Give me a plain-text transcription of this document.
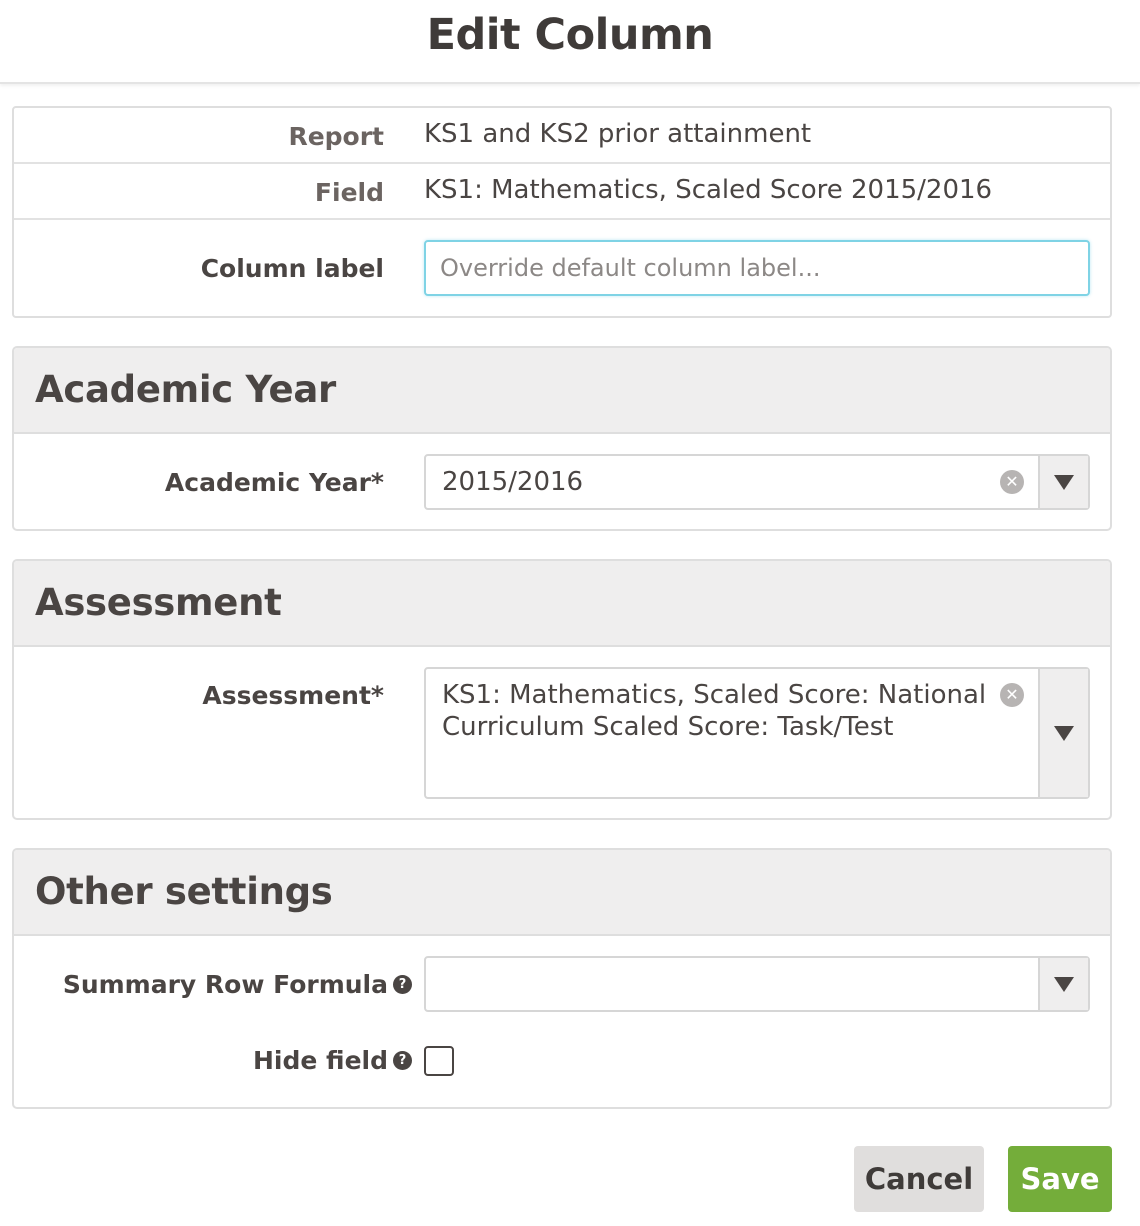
Edit Column
Report KS1 and KS2 prior attainment
Field KS1: Mathematics, Scaled Score 2015/2016
Column label
Override default column label...
Academic Year
Academic Year* 2015/2016	✕
Assessment
Assessment* KS1: Mathematics, Scaled Score: National Curriculum Scaled Score: Task/Test
✕
Other settings
Summary Row Formula ?
Hide field ?
Cancel	Save
